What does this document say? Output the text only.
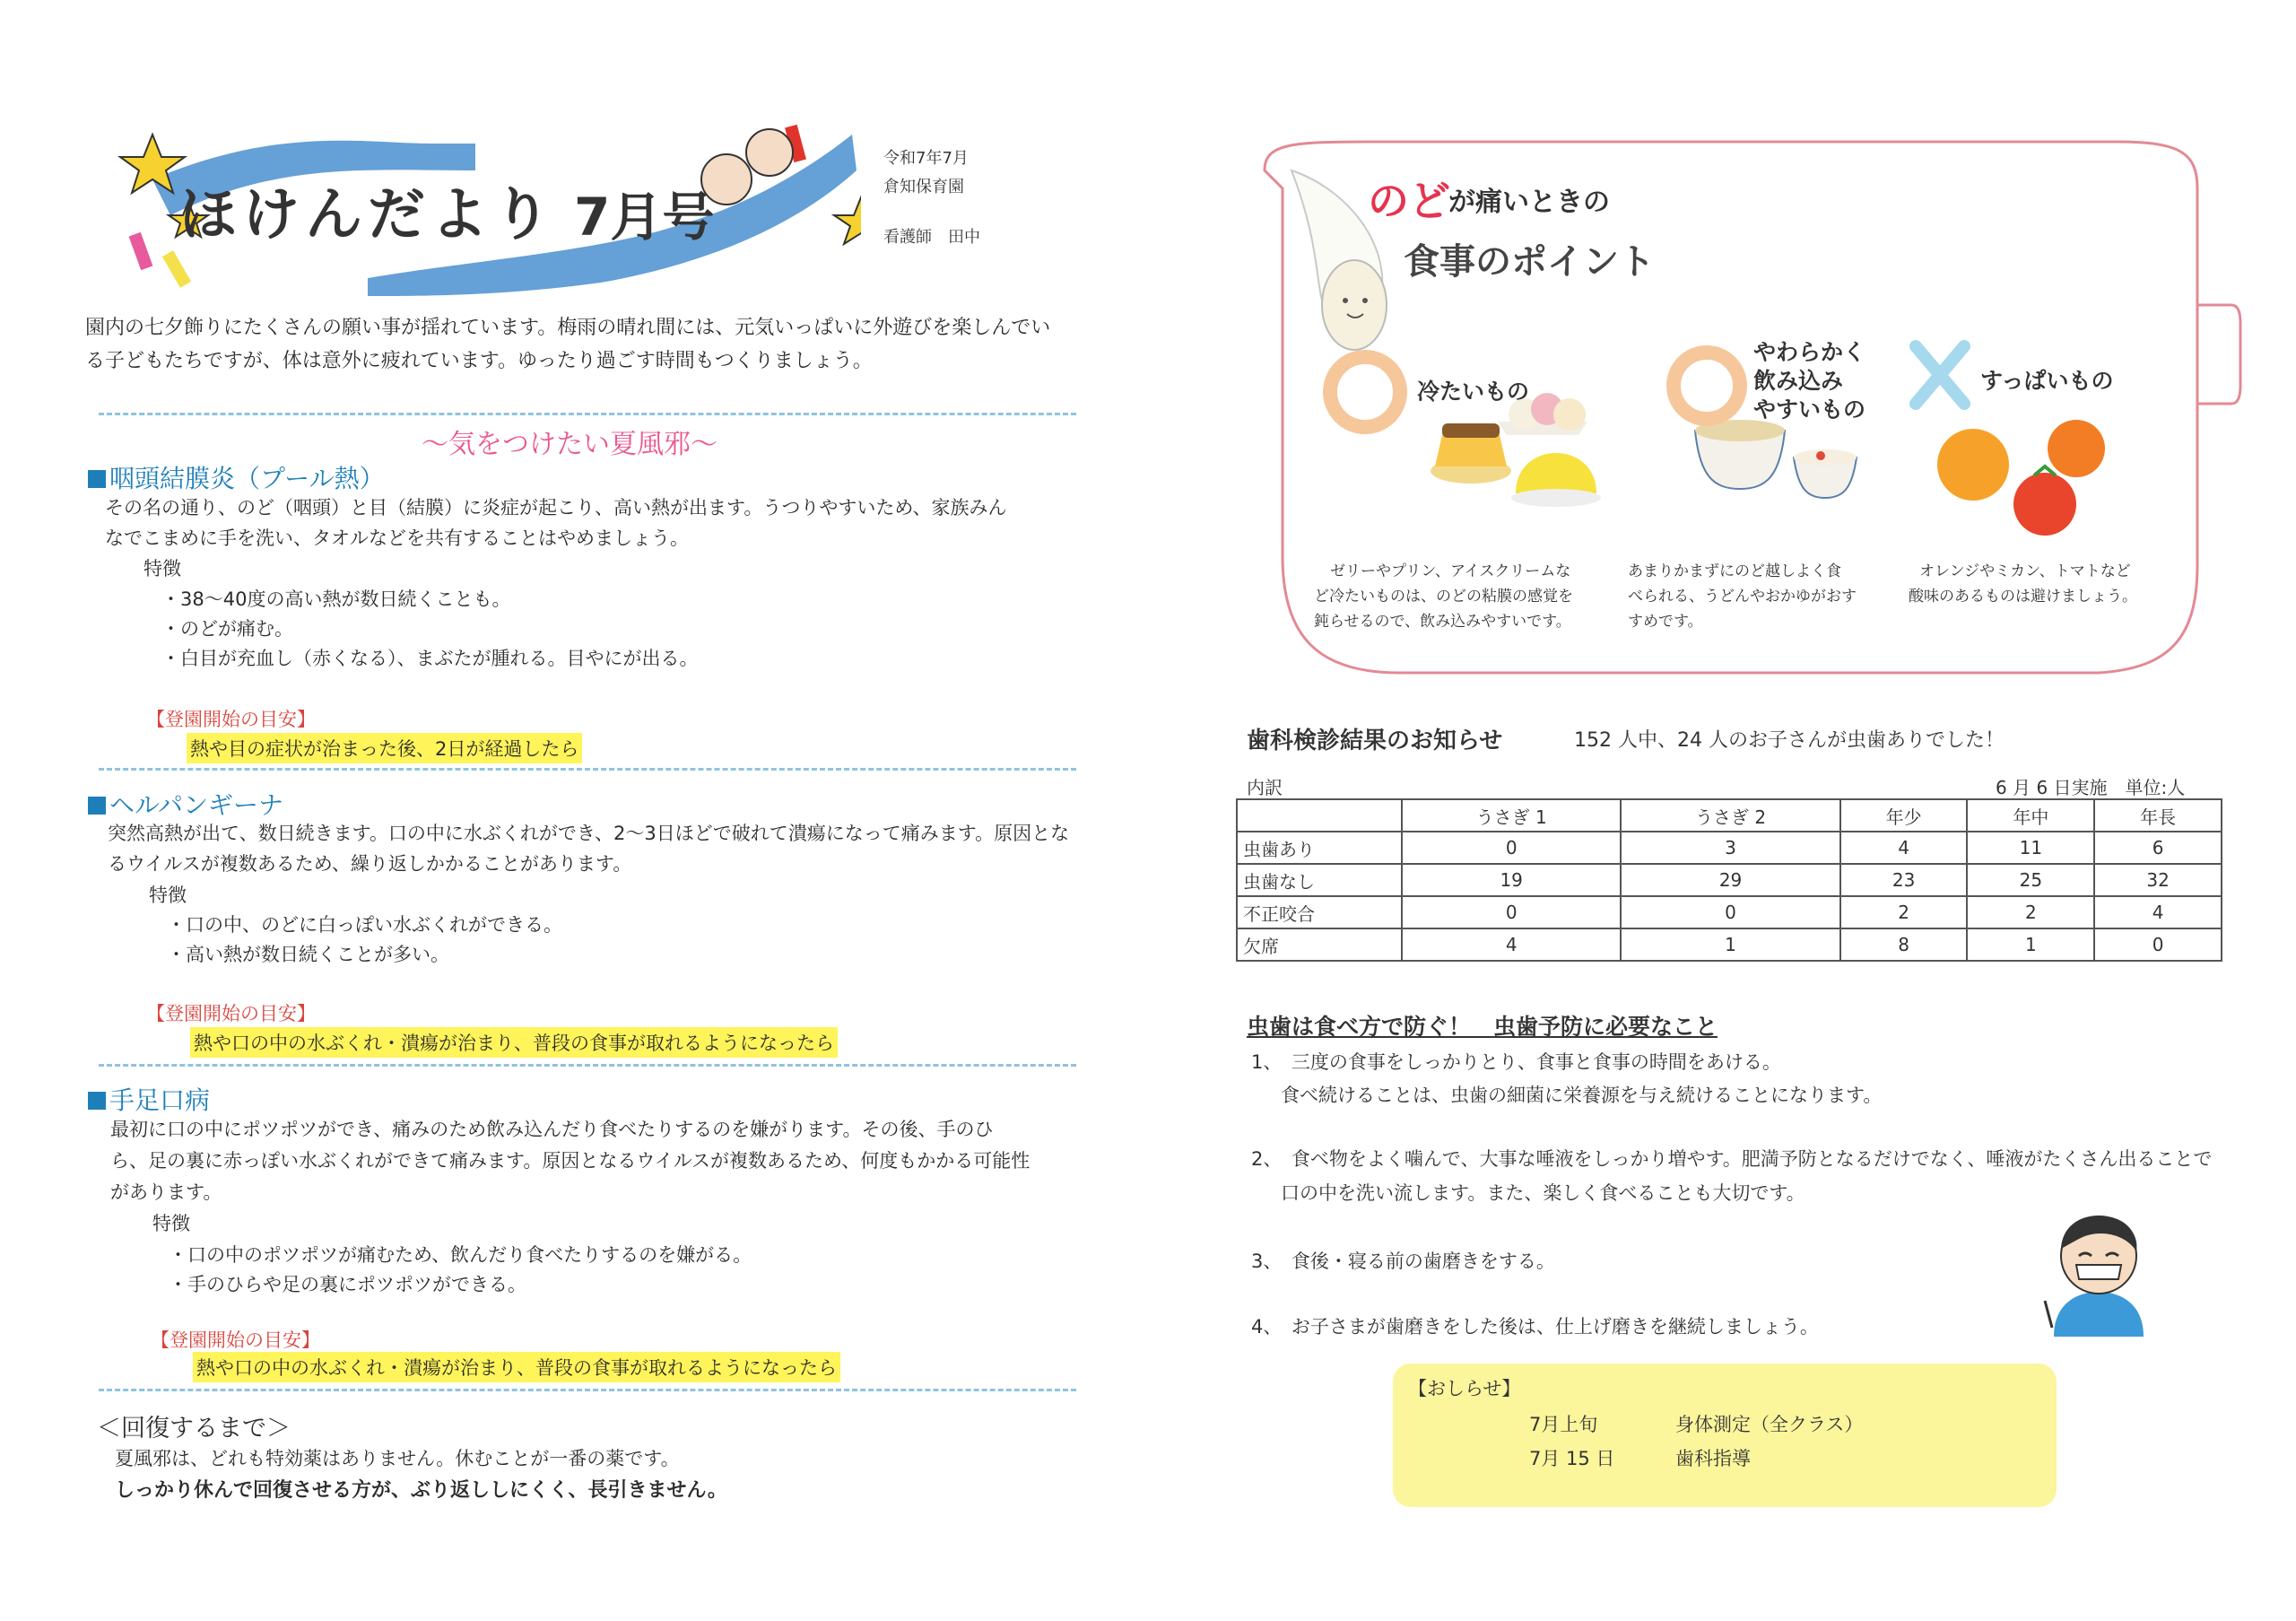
ほけんだより 7月号
令和7年7月
倉知保育園
看護師　田中
園内の七夕飾りにたくさんの願い事が揺れています。梅雨の晴れ間には、元気いっぱいに外遊びを楽しんでい
る子どもたちですが、体は意外に疲れています。ゆったり過ごす時間もつくりましょう。
～気をつけたい夏風邪～
咽頭結膜炎（プール熱）
その名の通り、のど（咽頭）と目（結膜）に炎症が起こり、高い熱が出ます。うつりやすいため、家族みん
なでこまめに手を洗い、タオルなどを共有することはやめましょう。
特徴
・38～40度の高い熱が数日続くことも。
・のどが痛む。
・白目が充血し（赤くなる）、まぶたが腫れる。目やにが出る。
【登園開始の目安】
熱や目の症状が治まった後、2日が経過したら
ヘルパンギーナ
突然高熱が出て、数日続きます。口の中に水ぶくれができ、2～3日ほどで破れて潰瘍になって痛みます。原因とな
るウイルスが複数あるため、繰り返しかかることがあります。
特徴
・口の中、のどに白っぽい水ぶくれができる。
・高い熱が数日続くことが多い。
【登園開始の目安】
熱や口の中の水ぶくれ・潰瘍が治まり、普段の食事が取れるようになったら
手足口病
最初に口の中にポツポツができ、痛みのため飲み込んだり食べたりするのを嫌がります。その後、手のひ
ら、足の裏に赤っぽい水ぶくれができて痛みます。原因となるウイルスが複数あるため、何度もかかる可能性
があります。
特徴
・口の中のポツポツが痛むため、飲んだり食べたりするのを嫌がる。
・手のひらや足の裏にポツポツができる。
【登園開始の目安】
熱や口の中の水ぶくれ・潰瘍が治まり、普段の食事が取れるようになったら
＜回復するまで＞
夏風邪は、どれも特効薬はありません。休むことが一番の薬です。
しっかり休んで回復させる方が、ぶり返ししにくく、長引きません。
のど
が痛いときの
食事のポイント
冷たいもの
ゼリーやプリン、アイスクリームな
ど冷たいものは、のどの粘膜の感覚を
鈍らせるので、飲み込みやすいです。
やわらかく
飲み込み
やすいもの
あまりかまずにのど越しよく食
べられる、うどんやおかゆがおす
すめです。
すっぱいもの
オレンジやミカン、トマトなど
酸味のあるものは避けましょう。
歯科検診結果のお知らせ	152 人中、24 人のお子さんが虫歯ありでした！
内訳	6 月 6 日実施　単位:人
	うさぎ 1	うさぎ 2	年少	年中	年長
虫歯あり	0	3	4	11	6
虫歯なし	19	29	23	25	32
不正咬合	0	0	2	2	4
欠席	4	1	8	1	0
虫歯は食べ方で防ぐ！　虫歯予防に必要なこと
1、　三度の食事をしっかりとり、食事と食事の時間をあける。
食べ続けることは、虫歯の細菌に栄養源を与え続けることになります。
2、　食べ物をよく噛んで、大事な唾液をしっかり増やす。肥満予防となるだけでなく、唾液がたくさん出ることで
口の中を洗い流します。また、楽しく食べることも大切です。
3、　食後・寝る前の歯磨きをする。
4、　お子さまが歯磨きをした後は、仕上げ磨きを継続しましょう。
【おしらせ】
7月上旬	身体測定（全クラス）
7月 15 日	歯科指導
